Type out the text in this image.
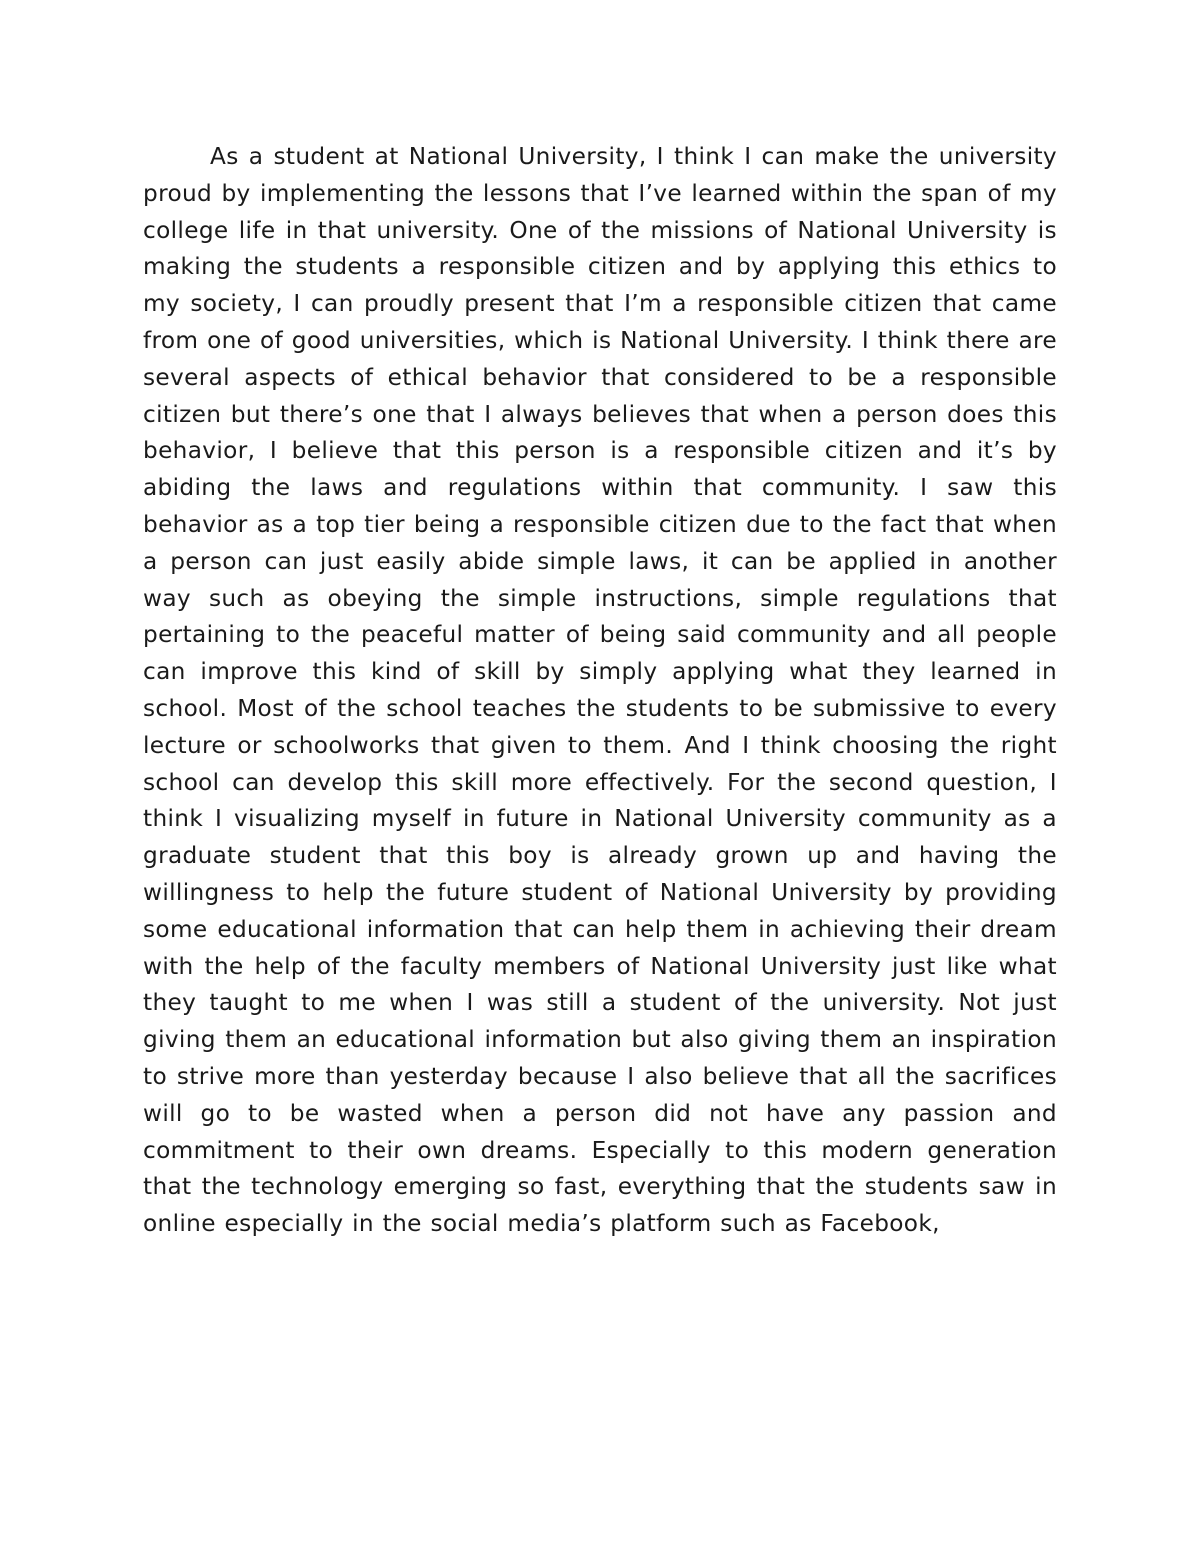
As a student at National University, I think I can make the university proud by implementing the lessons that I’ve learned within the span of my college life in that university. One of the missions of National University is making the students a responsible citizen and by applying this ethics to my society, I can proudly present that I’m a responsible citizen that came from one of good universities, which is National University. I think there are several aspects of ethical behavior that considered to be a responsible citizen but there’s one that I always believes that when a person does this behavior, I believe that this person is a responsible citizen and it’s by abiding the laws and regulations within that community. I saw this behavior as a top tier being a responsible citizen due to the fact that when a person can just easily abide simple laws, it can be applied in another way such as obeying the simple instructions, simple regulations that pertaining to the peaceful matter of being said community and all people can improve this kind of skill by simply applying what they learned in school. Most of the school teaches the students to be submissive to every lecture or schoolworks that given to them. And I think choosing the right school can develop this skill more effectively. For the second question, I think I visualizing myself in future in National University community as a graduate student that this boy is already grown up and having the willingness to help the future student of National University by providing some educational information that can help them in achieving their dream with the help of the faculty members of National University just like what they taught to me when I was still a student of the university. Not just giving them an educational information but also giving them an inspiration to strive more than yesterday because I also believe that all the sacrifices will go to be wasted when a person did not have any passion and commitment to their own dreams. Especially to this modern generation that the technology emerging so fast, everything that the students saw in online especially in the social media’s platform such as Facebook,
